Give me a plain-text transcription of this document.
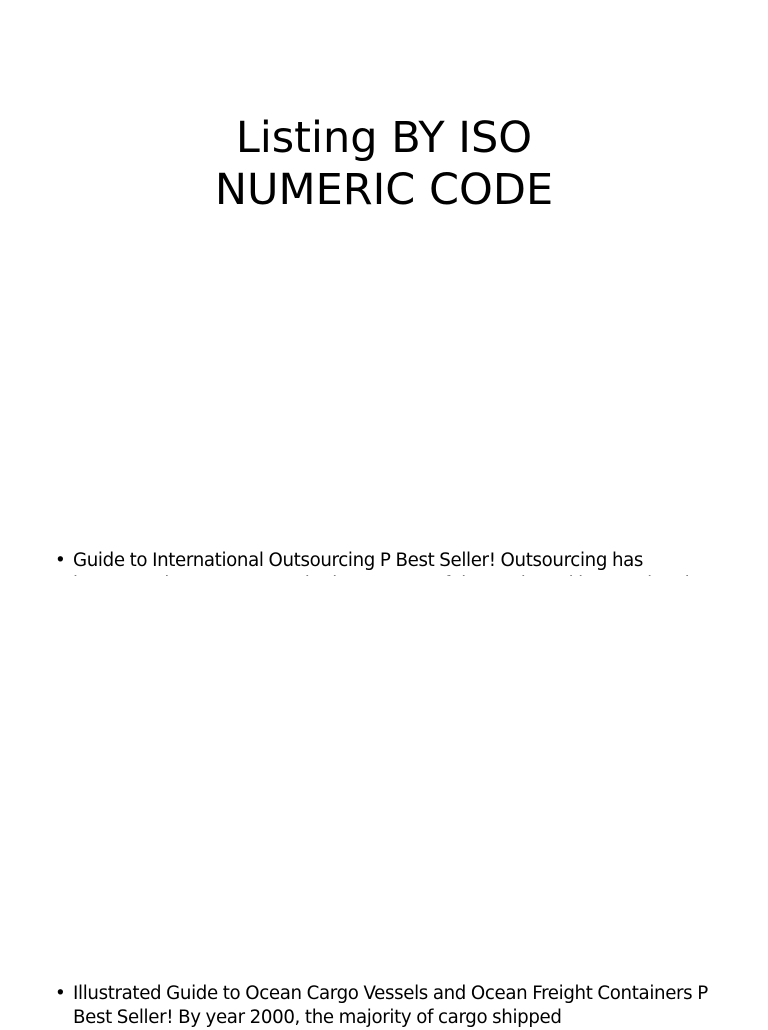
Listing BY ISO
NUMERIC CODE
• Guide to International Outsourcing P Best Seller! Outsourcing has
• Illustrated Guide to Ocean Cargo Vessels and Ocean Freight Containers P Best Seller! By year 2000, the majority of cargo shipped
